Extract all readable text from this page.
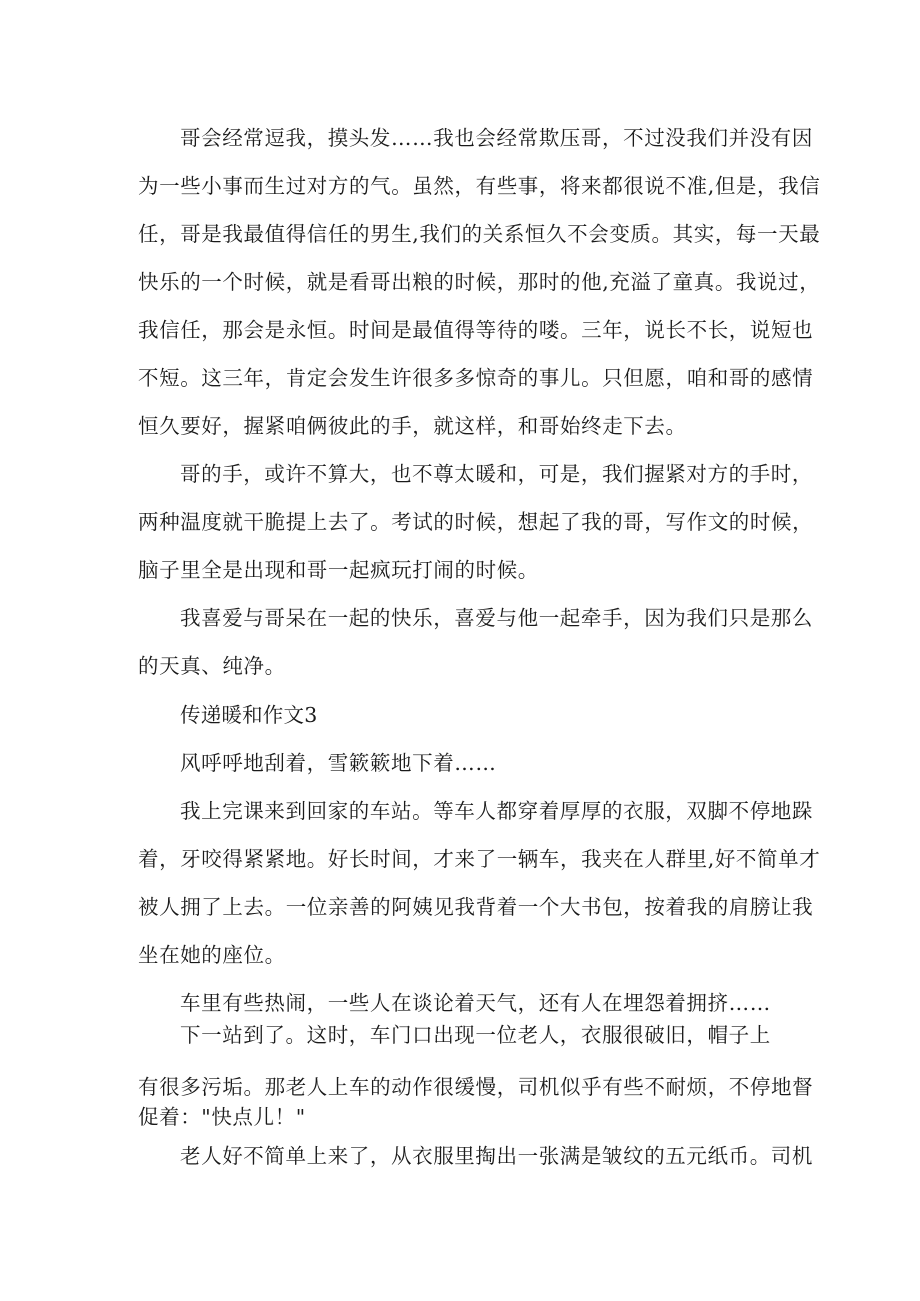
哥会经常逗我，摸头发……我也会经常欺压哥，不过没我们并没有因
为一些小事而生过对方的气。虽然，有些事，将来都很说不准,但是，我信
任，哥是我最值得信任的男生,我们的关系恒久不会变质。其实，每一天最
快乐的一个时候，就是看哥出粮的时候，那时的他,充溢了童真。我说过，
我信任，那会是永恒。时间是最值得等待的喽。三年，说长不长，说短也
不短。这三年，肯定会发生许很多多惊奇的事儿。只但愿，咱和哥的感情
恒久要好，握紧咱俩彼此的手，就这样，和哥始终走下去。
哥的手，或许不算大，也不尊太暖和，可是，我们握紧对方的手时，
两种温度就干脆提上去了。考试的时候，想起了我的哥，写作文的时候，
脑子里全是出现和哥一起疯玩打闹的时候。
我喜爱与哥呆在一起的快乐，喜爱与他一起牵手，因为我们只是那么
的天真、纯净。
传递暖和作文3
风呼呼地刮着，雪簌簌地下着……
我上完课来到回家的车站。等车人都穿着厚厚的衣服，双脚不停地跺
着，牙咬得紧紧地。好长时间，才来了一辆车，我夹在人群里,好不简单才
被人拥了上去。一位亲善的阿姨见我背着一个大书包，按着我的肩膀让我
坐在她的座位。
车里有些热闹，一些人在谈论着天气，还有人在埋怨着拥挤……
下一站到了。这时，车门口出现一位老人，衣服很破旧，帽子上
有很多污垢。那老人上车的动作很缓慢，司机似乎有些不耐烦，不停地督
促着："快点儿！"
老人好不简单上来了，从衣服里掏出一张满是皱纹的五元纸币。司机
